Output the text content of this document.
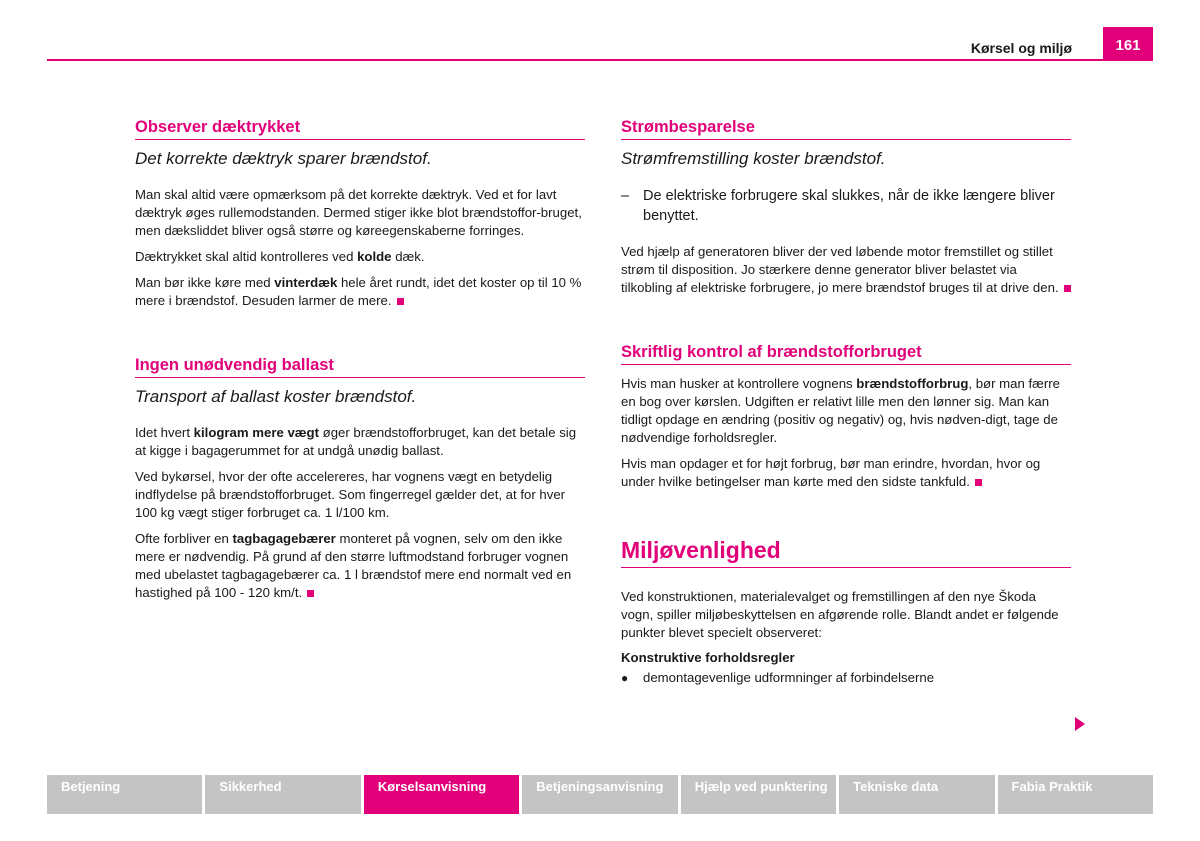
Kørsel og miljø	161
Observer dæktrykket
Det korrekte dæktryk sparer brændstof.

Man skal altid være opmærksom på det korrekte dæktryk. Ved et for lavt dæktryk øges rullemodstanden. Dermed stiger ikke blot brændstoffor-bruget, men dæksliddet bliver også større og køreegenskaberne forringes.

Dæktrykket skal altid kontrolleres ved kolde dæk.

Man bør ikke køre med vinterdæk hele året rundt, idet det koster op til 10 % mere i brændstof. Desuden larmer de mere.

Ingen unødvendig ballast
Transport af ballast koster brændstof.

Idet hvert kilogram mere vægt øger brændstofforbruget, kan det betale sig at kigge i bagagerummet for at undgå unødig ballast.

Ved bykørsel, hvor der ofte accelereres, har vognens vægt en betydelig indflydelse på brændstofforbruget. Som fingerregel gælder det, at for hver 100 kg vægt stiger forbruget ca. 1 l/100 km.

Ofte forbliver en tagbagagebærer monteret på vognen, selv om den ikke mere er nødvendig. På grund af den større luftmodstand forbruger vognen med ubelastet tagbagagebærer ca. 1 l brændstof mere end normalt ved en hastighed på 100 - 120 km/t.

Strømbesparelse
Strømfremstilling koster brændstof.
– De elektriske forbrugere skal slukkes, når de ikke længere bliver benyttet.

Ved hjælp af generatoren bliver der ved løbende motor fremstillet og stillet strøm til disposition. Jo stærkere denne generator bliver belastet via tilkobling af elektriske forbrugere, jo mere brændstof bruges til at drive den.

Skriftlig kontrol af brændstofforbruget

Hvis man husker at kontrollere vognens brændstofforbrug, bør man færre en bog over kørslen. Udgiften er relativt lille men den lønner sig. Man kan tidligt opdage en ændring (positiv og negativ) og, hvis nødven-digt, tage de nødvendige forholdsregler.

Hvis man opdager et for højt forbrug, bør man erindre, hvordan, hvor og under hvilke betingelser man kørte med den sidste tankfuld.

Miljøvenlighed

Ved konstruktionen, materialevalget og fremstillingen af den nye Škoda vogn, spiller miljøbeskyttelsen en afgørende rolle. Blandt andet er følgende punkter blevet specielt observeret:

Konstruktive forholdsregler
●	demontagevenlige udformninger af forbindelserne
Betjening	Sikkerhed	Kørselsanvisning	Betjeningsanvisning	Hjælp ved punktering	Tekniske data	Fabia Praktik
